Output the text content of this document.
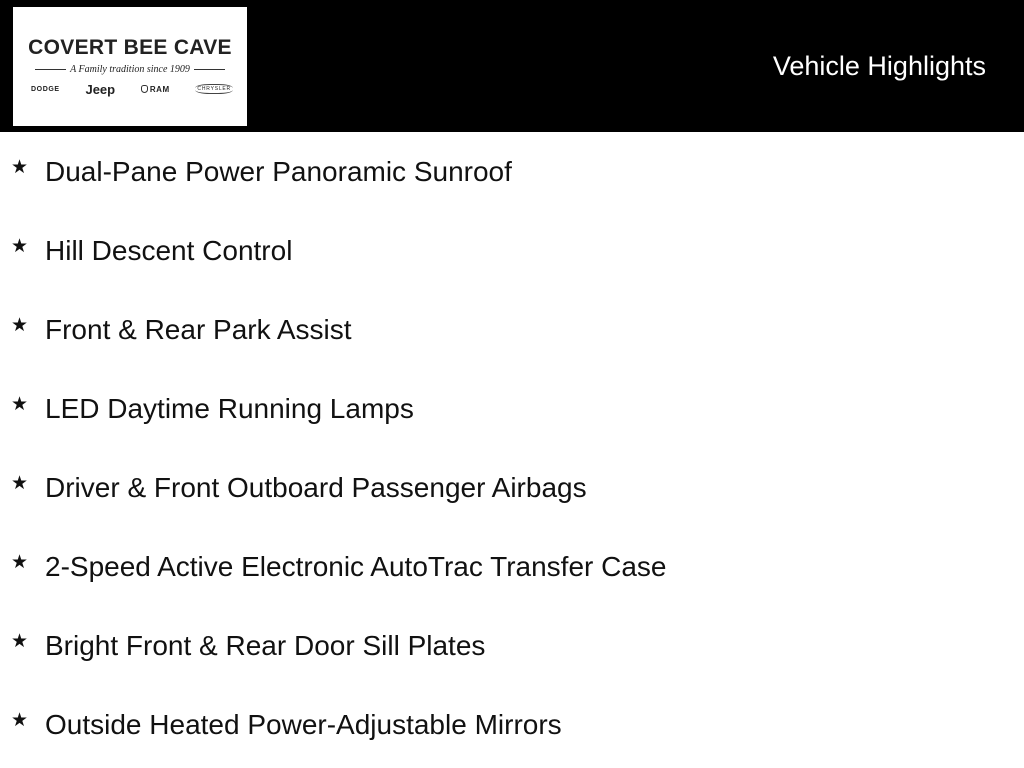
COVERT BEE CAVE
A Family tradition since 1909
DODGE Jeep	RAM	CHRYSLER
Vehicle Highlights
★ Dual-Pane Power Panoramic Sunroof
★ Hill Descent Control
★ Front & Rear Park Assist
★ LED Daytime Running Lamps
★ Driver & Front Outboard Passenger Airbags
★ 2-Speed Active Electronic AutoTrac Transfer Case
★ Bright Front & Rear Door Sill Plates
★ Outside Heated Power-Adjustable Mirrors
